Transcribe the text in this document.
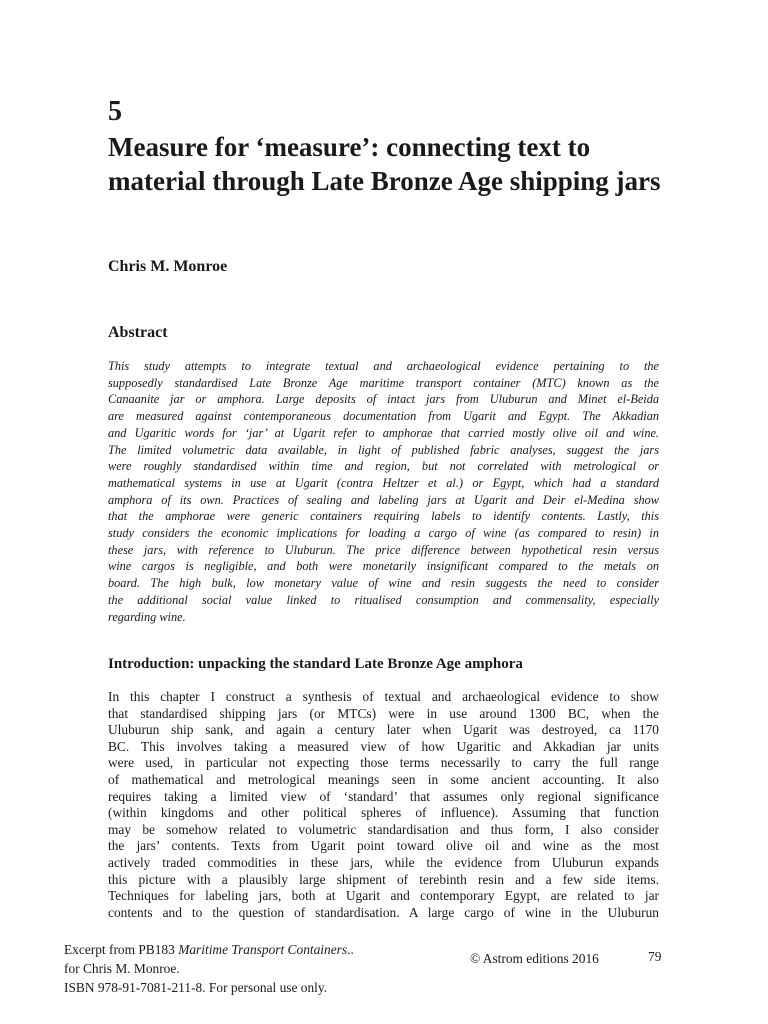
5
Measure for ‘measure’: connecting text to material through Late Bronze Age shipping jars
Chris M. Monroe
Abstract
This study attempts to integrate textual and archaeological evidence pertaining to the
supposedly standardised Late Bronze Age maritime transport container (MTC) known as the
Canaanite jar or amphora. Large deposits of intact jars from Uluburun and Minet el-Beida
are measured against contemporaneous documentation from Ugarit and Egypt. The Akkadian
and Ugaritic words for ‘jar’ at Ugarit refer to amphorae that carried mostly olive oil and wine.
The limited volumetric data available, in light of published fabric analyses, suggest the jars
were roughly standardised within time and region, but not correlated with metrological or
mathematical systems in use at Ugarit (contra Heltzer et al.) or Egypt, which had a standard
amphora of its own. Practices of sealing and labeling jars at Ugarit and Deir el-Medina show
that the amphorae were generic containers requiring labels to identify contents. Lastly, this
study considers the economic implications for loading a cargo of wine (as compared to resin) in
these jars, with reference to Uluburun. The price difference between hypothetical resin versus
wine cargos is negligible, and both were monetarily insignificant compared to the metals on
board. The high bulk, low monetary value of wine and resin suggests the need to consider
the additional social value linked to ritualised consumption and commensality, especially
regarding wine.
Introduction: unpacking the standard Late Bronze Age amphora
In this chapter I construct a synthesis of textual and archaeological evidence to show
that standardised shipping jars (or MTCs) were in use around 1300 BC, when the
Uluburun ship sank, and again a century later when Ugarit was destroyed, ca 1170
BC. This involves taking a measured view of how Ugaritic and Akkadian jar units
were used, in particular not expecting those terms necessarily to carry the full range
of mathematical and metrological meanings seen in some ancient accounting. It also
requires taking a limited view of ‘standard’ that assumes only regional significance
(within kingdoms and other political spheres of influence). Assuming that function
may be somehow related to volumetric standardisation and thus form, I also consider
the jars’ contents. Texts from Ugarit point toward olive oil and wine as the most
actively traded commodities in these jars, while the evidence from Uluburun expands
this picture with a plausibly large shipment of terebinth resin and a few side items.
Techniques for labeling jars, both at Ugarit and contemporary Egypt, are related to jar
contents and to the question of standardisation. A large cargo of wine in the Uluburun
Excerpt from PB183 Maritime Transport Containers..
for Chris M. Monroe.
ISBN 978-91-7081-211-8. For personal use only.
© Astrom editions 2016	79
